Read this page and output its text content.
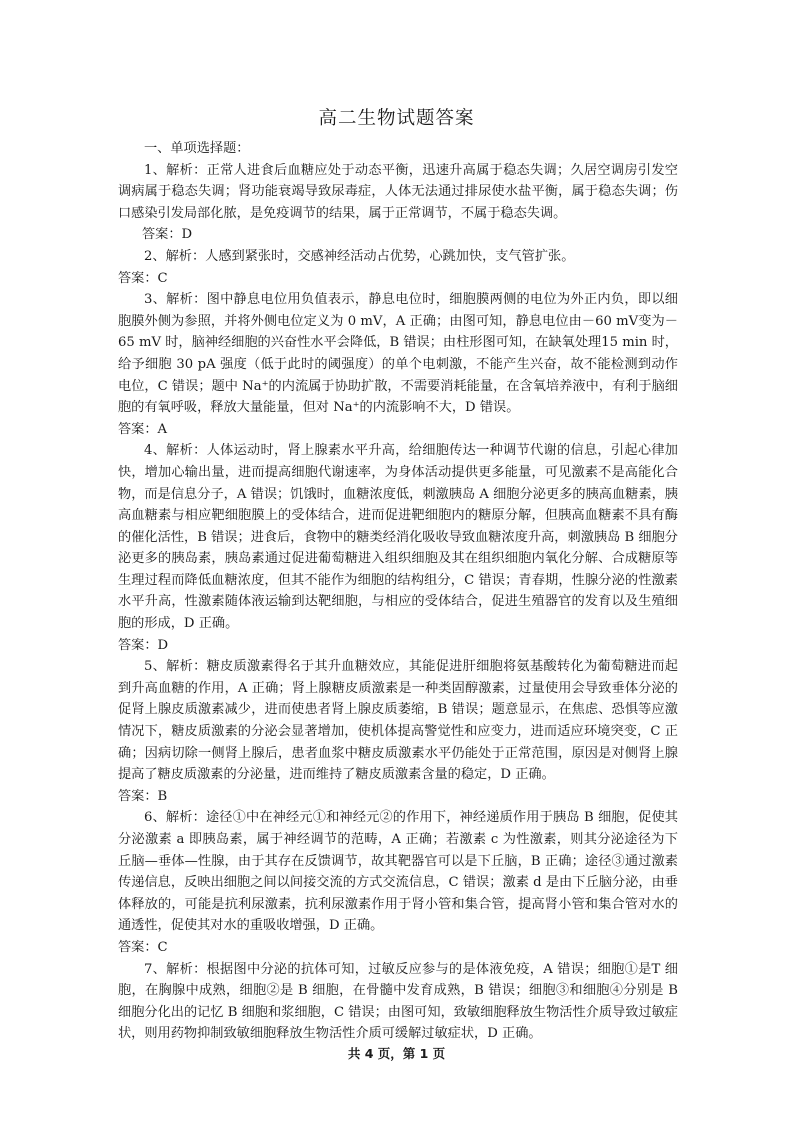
高二生物试题答案

一、单项选择题：

1、解析：正常人进食后血糖应处于动态平衡，迅速升高属于稳态失调；久居空调房引发空调病属于稳态失调；肾功能衰竭导致尿毒症，人体无法通过排尿使水盐平衡，属于稳态失调；伤口感染引发局部化脓，是免疫调节的结果，属于正常调节，不属于稳态失调。

答案：D

2、解析：人感到紧张时，交感神经活动占优势，心跳加快，支气管扩张。

答案：C

3、解析：图中静息电位用负值表示，静息电位时，细胞膜两侧的电位为外正内负，即以细胞膜外侧为参照，并将外侧电位定义为 0 mV，A 正确；由图可知，静息电位由－60 mV变为－65 mV 时，脑神经细胞的兴奋性水平会降低，B 错误；由柱形图可知，在缺氧处理15 min 时，给予细胞 30 pA 强度（低于此时的阈强度）的单个电刺激，不能产生兴奋，故不能检测到动作电位，C 错误；题中 Na⁺的内流属于协助扩散，不需要消耗能量，在含氧培养液中，有利于脑细胞的有氧呼吸，释放大量能量，但对 Na⁺的内流影响不大，D 错误。

答案：A

4、解析：人体运动时，肾上腺素水平升高，给细胞传达一种调节代谢的信息，引起心律加快，增加心输出量，进而提高细胞代谢速率，为身体活动提供更多能量，可见激素不是高能化合物，而是信息分子，A 错误；饥饿时，血糖浓度低，刺激胰岛 A 细胞分泌更多的胰高血糖素，胰高血糖素与相应靶细胞膜上的受体结合，进而促进靶细胞内的糖原分解，但胰高血糖素不具有酶的催化活性，B 错误；进食后，食物中的糖类经消化吸收导致血糖浓度升高，刺激胰岛 B 细胞分泌更多的胰岛素，胰岛素通过促进葡萄糖进入组织细胞及其在组织细胞内氧化分解、合成糖原等生理过程而降低血糖浓度，但其不能作为细胞的结构组分，C 错误；青春期，性腺分泌的性激素水平升高，性激素随体液运输到达靶细胞，与相应的受体结合，促进生殖器官的发育以及生殖细胞的形成，D 正确。

答案：D

5、解析：糖皮质激素得名于其升血糖效应，其能促进肝细胞将氨基酸转化为葡萄糖进而起到升高血糖的作用，A 正确；肾上腺糖皮质激素是一种类固醇激素，过量使用会导致垂体分泌的促肾上腺皮质激素减少，进而使患者肾上腺皮质萎缩，B 错误；题意显示，在焦虑、恐惧等应激情况下，糖皮质激素的分泌会显著增加，使机体提高警觉性和应变力，进而适应环境突变，C 正确；因病切除一侧肾上腺后，患者血浆中糖皮质激素水平仍能处于正常范围，原因是对侧肾上腺提高了糖皮质激素的分泌量，进而维持了糖皮质激素含量的稳定，D 正确。

答案：B

6、解析：途径①中在神经元①和神经元②的作用下，神经递质作用于胰岛 B 细胞，促使其分泌激素 a 即胰岛素，属于神经调节的范畴，A 正确；若激素 c 为性激素，则其分泌途径为下丘脑—垂体—性腺，由于其存在反馈调节，故其靶器官可以是下丘脑，B 正确；途径③通过激素传递信息，反映出细胞之间以间接交流的方式交流信息，C 错误；激素 d 是由下丘脑分泌，由垂体释放的，可能是抗利尿激素，抗利尿激素作用于肾小管和集合管，提高肾小管和集合管对水的通透性，促使其对水的重吸收增强，D 正确。

答案：C

7、解析：根据图中分泌的抗体可知，过敏反应参与的是体液免疫，A 错误；细胞①是T 细胞，在胸腺中成熟，细胞②是 B 细胞，在骨髓中发育成熟，B 错误；细胞③和细胞④分别是 B 细胞分化出的记忆 B 细胞和浆细胞，C 错误；由图可知，致敏细胞释放生物活性介质导致过敏症状，则用药物抑制致敏细胞释放生物活性介质可缓解过敏症状，D 正确。

共 4 页，第 1 页
